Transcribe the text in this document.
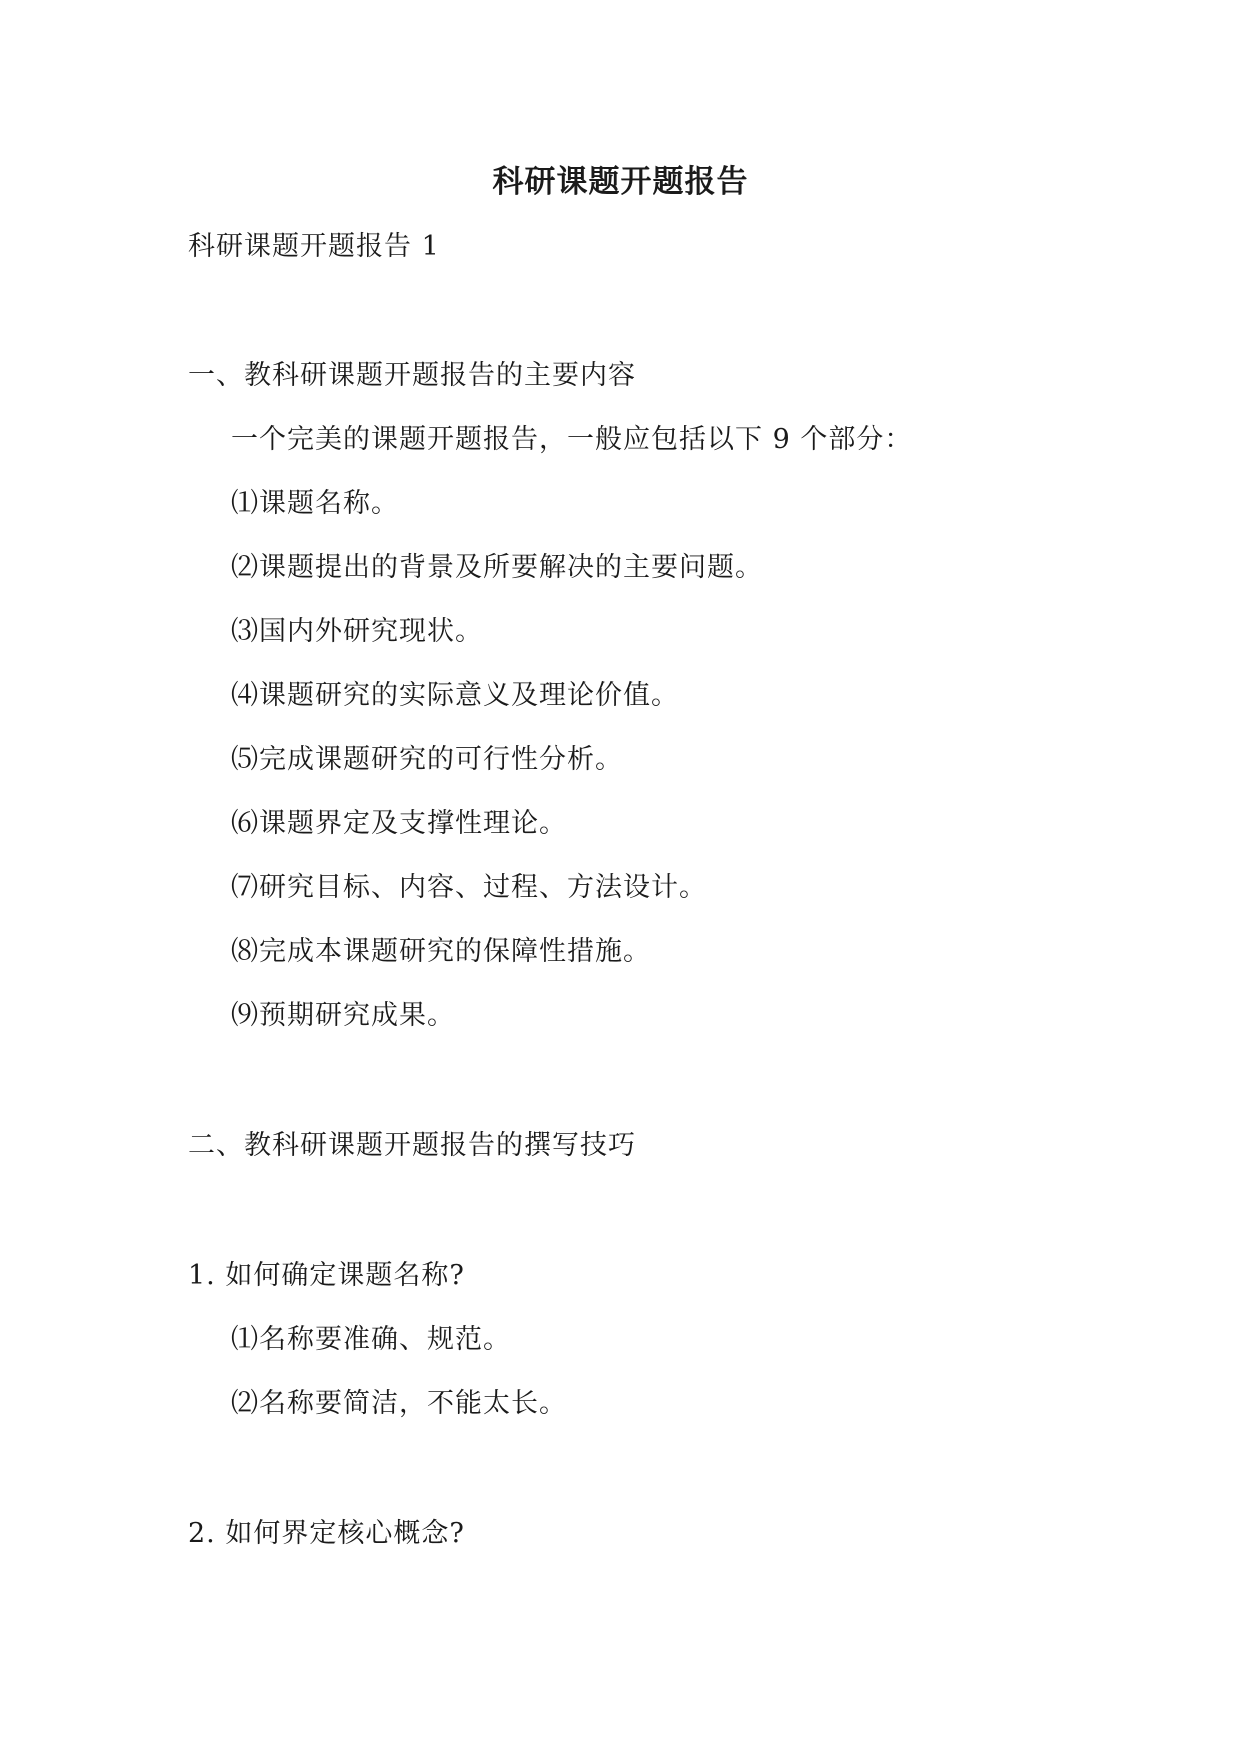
科研课题开题报告
科研课题开题报告 1
一、教科研课题开题报告的主要内容
一个完美的课题开题报告，一般应包括以下 9 个部分：
⑴课题名称。
⑵课题提出的背景及所要解决的主要问题。
⑶国内外研究现状。
⑷课题研究的实际意义及理论价值。
⑸完成课题研究的可行性分析。
⑹课题界定及支撑性理论。
⑺研究目标、内容、过程、方法设计。
⑻完成本课题研究的保障性措施。
⑼预期研究成果。
二、教科研课题开题报告的撰写技巧
1. 如何确定课题名称?
⑴名称要准确、规范。
⑵名称要简洁，不能太长。
2. 如何界定核心概念?
